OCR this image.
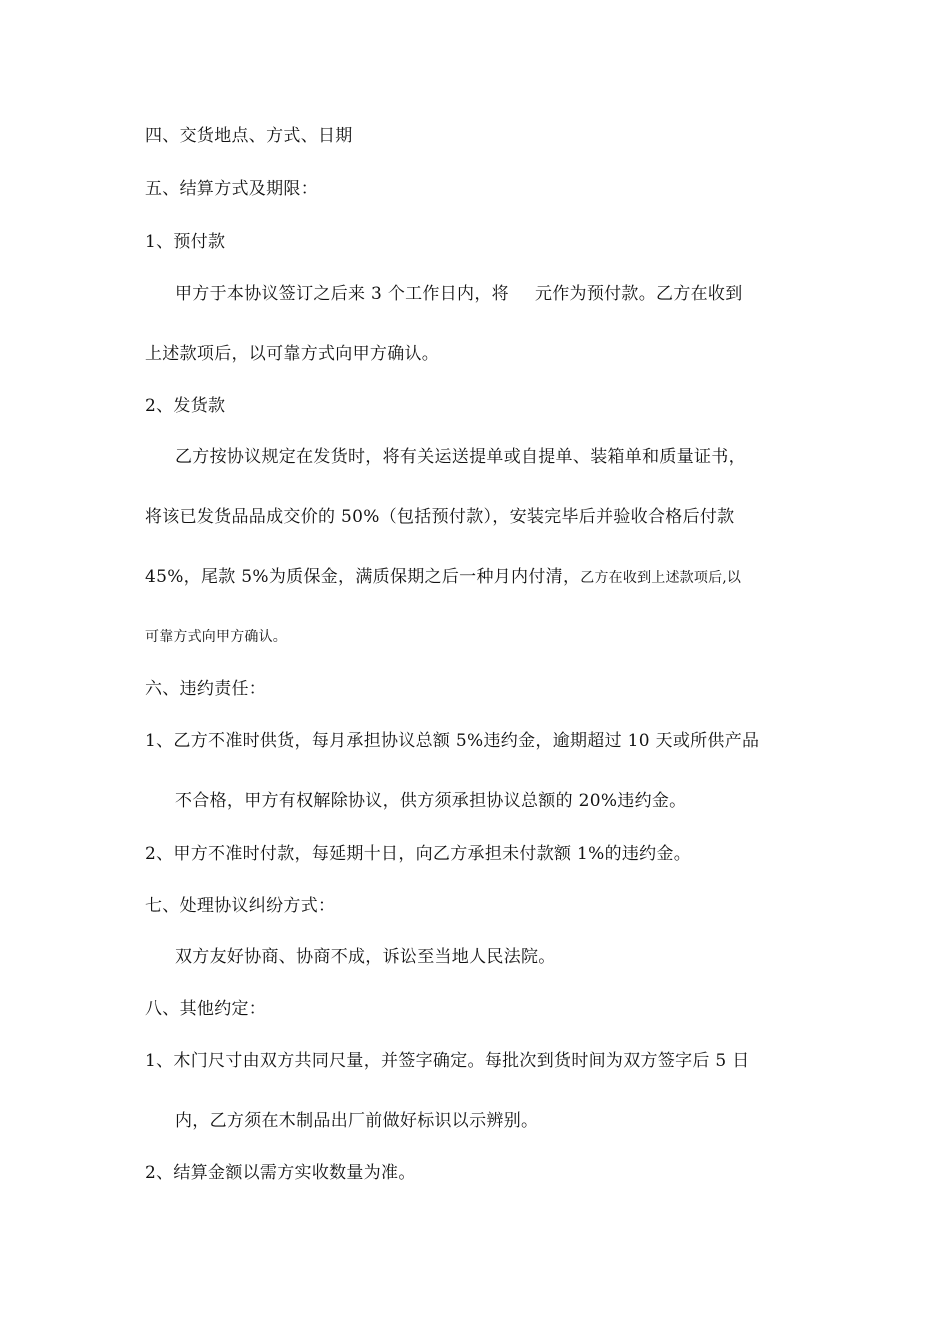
四、交货地点、方式、日期
五、结算方式及期限：
1、预付款
甲方于本协议签订之后来 3 个工作日内，将 元作为预付款。乙方在收到
上述款项后，以可靠方式向甲方确认。
2、发货款
乙方按协议规定在发货时，将有关运送提单或自提单、装箱单和质量证书，
将该已发货品品成交价的 50%（包括预付款），安装完毕后并验收合格后付款
45%，尾款 5%为质保金，满质保期之后一种月内付清，乙方在收到上述款项后,以
可靠方式向甲方确认。
六、违约责任：
1、乙方不准时供货，每月承担协议总额 5%违约金，逾期超过 10 天或所供产品
不合格，甲方有权解除协议，供方须承担协议总额的 20%违约金。
2、甲方不准时付款，每延期十日，向乙方承担未付款额 1%的违约金。
七、处理协议纠纷方式：
双方友好协商、协商不成，诉讼至当地人民法院。
八、其他约定：
1、木门尺寸由双方共同尺量，并签字确定。每批次到货时间为双方签字后 5 日
内，乙方须在木制品出厂前做好标识以示辨别。
2、结算金额以需方实收数量为准。
